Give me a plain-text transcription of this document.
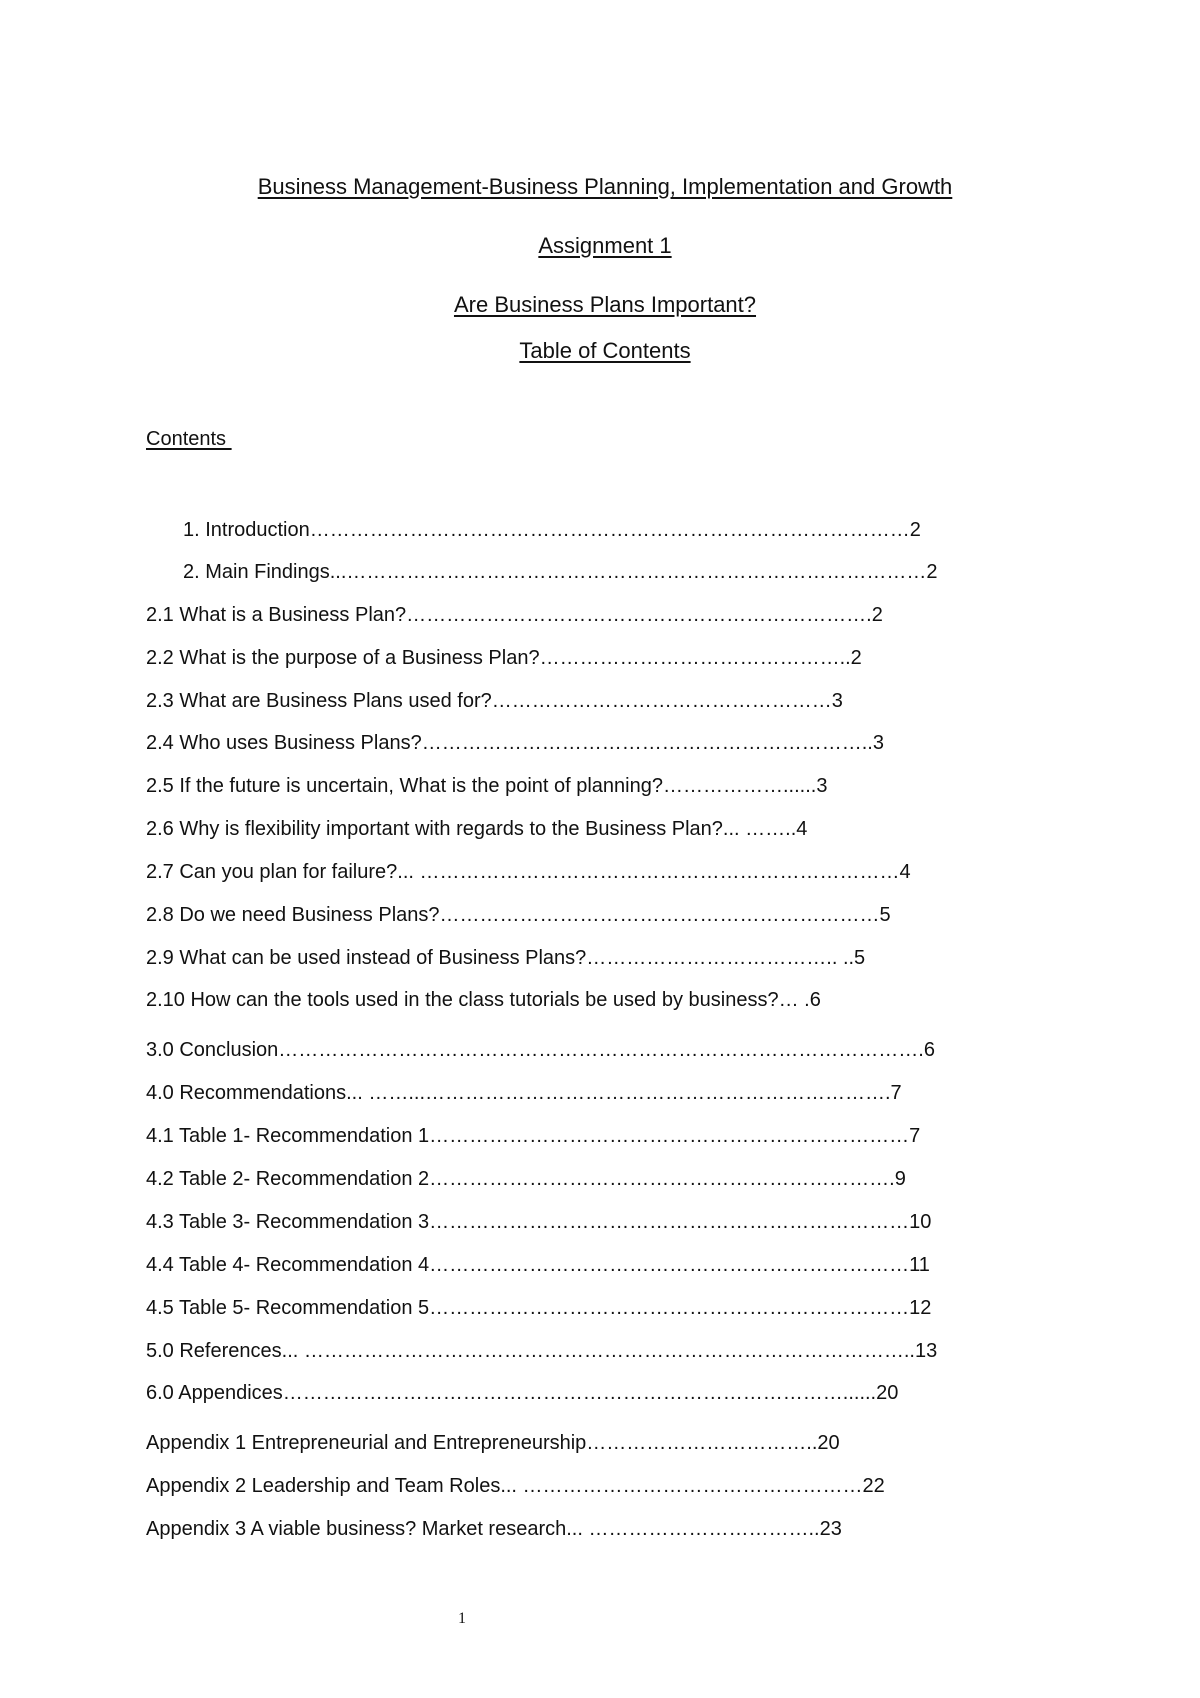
Business Management-Business Planning, Implementation and Growth
Assignment 1
Are Business Plans Important?
Table of Contents
Contents
1. Introduction………………………………………………………………………………2
2. Main Findings...……………………………………………………………………………2
2.1 What is a Business Plan?…………………………………………………………….2
2.2 What is the purpose of a Business Plan?………………………………………..2
2.3 What are Business Plans used for?……………………………………………3
2.4 Who uses Business Plans?…………………………………………………………..3
2.5 If the future is uncertain, What is the point of planning?………………......3
2.6 Why is flexibility important with regards to the Business Plan?... ……..4
2.7 Can you plan for failure?... ………………………………………………………………4
2.8 Do we need Business Plans?…………………………………………………………5
2.9 What can be used instead of Business Plans?……………………………….. ..5
2.10 How can the tools used in the class tutorials be used by business?… .6
3.0 Conclusion…………………………………………………………………………………….6
4.0 Recommendations... ……...…………………………………………………………….7
4.1 Table 1- Recommendation 1………………………………………………………………7
4.2 Table 2- Recommendation 2…………………………………………………………….9
4.3 Table 3- Recommendation 3………………………………………………………………10
4.4 Table 4- Recommendation 4………………………………………………………………11
4.5 Table 5- Recommendation 5………………………………………………………………12
5.0 References... ………………………………………………………………………………..13
6.0 Appendices…………………………………………………………………………......20
Appendix 1 Entrepreneurial and Entrepreneurship……………………………..20
Appendix 2 Leadership and Team Roles... ……………………………………………22
Appendix 3 A viable business? Market research... ……………………………..23
1
